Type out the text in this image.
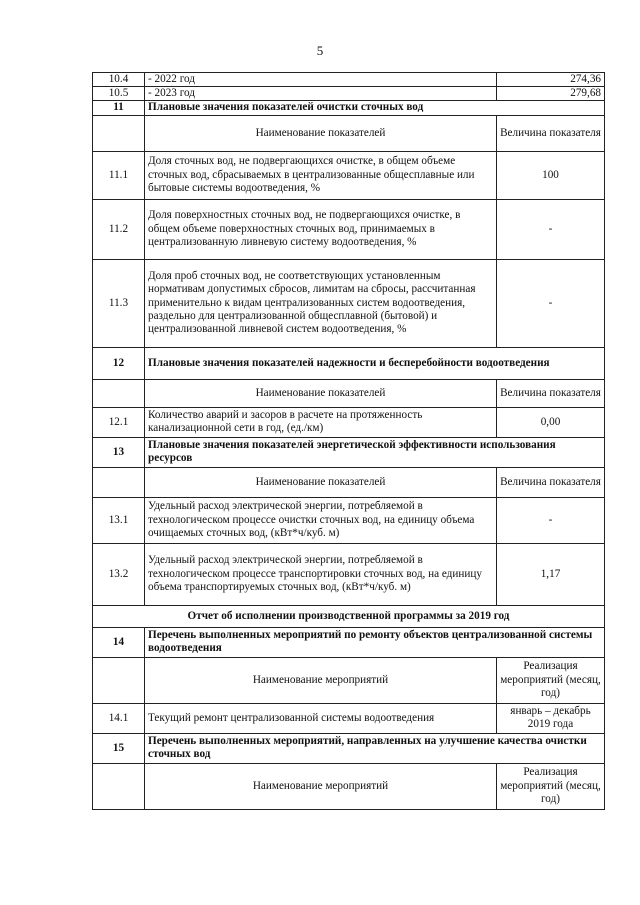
5
10.4	- 2022 год	274,36
10.5	- 2023 год	279,68
11	Плановые значения показателей очистки сточных вод	
	Наименование показателей	Величина показателя
11.1	Доля сточных вод, не подвергающихся очистке, в общем объеме сточных вод, сбрасываемых в централизованные общесплавные или бытовые системы водоотведения, %	100
11.2	Доля поверхностных сточных вод, не подвергающихся очистке, в общем объеме поверхностных сточных вод, принимаемых в централизованную ливневую систему водоотведения, %	-
11.3	Доля проб сточных вод, не соответствующих установленным нормативам допустимых сбросов, лимитам на сбросы, рассчитанная применительно к видам централизованных систем водоотведения, раздельно для централизованной общесплавной (бытовой) и централизованной ливневой систем водоотведения, %	-
12	Плановые значения показателей надежности и бесперебойности водоотведения	
	Наименование показателей	Величина показателя
12.1	Количество аварий и засоров в расчете на протяженность канализационной сети в год, (ед./км)	0,00
13	Плановые значения показателей энергетической эффективности использования ресурсов	
	Наименование показателей	Величина показателя
13.1	Удельный расход электрической энергии, потребляемой в технологическом процессе очистки сточных вод, на единицу объема очищаемых сточных вод, (кВт*ч/куб. м)	-
13.2	Удельный расход электрической энергии, потребляемой в технологическом процессе транспортировки сточных вод, на единицу объема транспортируемых сточных вод, (кВт*ч/куб. м)	1,17
Отчет об исполнении производственной программы за 2019 год		
14	Перечень выполненных мероприятий по ремонту объектов централизованной системы водоотведения	
	Наименование мероприятий	Реализация мероприятий (месяц, год)
14.1	Текущий ремонт централизованной системы водоотведения	январь – декабрь 2019 года
15	Перечень выполненных мероприятий, направленных на улучшение качества очистки сточных вод	
	Наименование мероприятий	Реализация мероприятий (месяц, год)
